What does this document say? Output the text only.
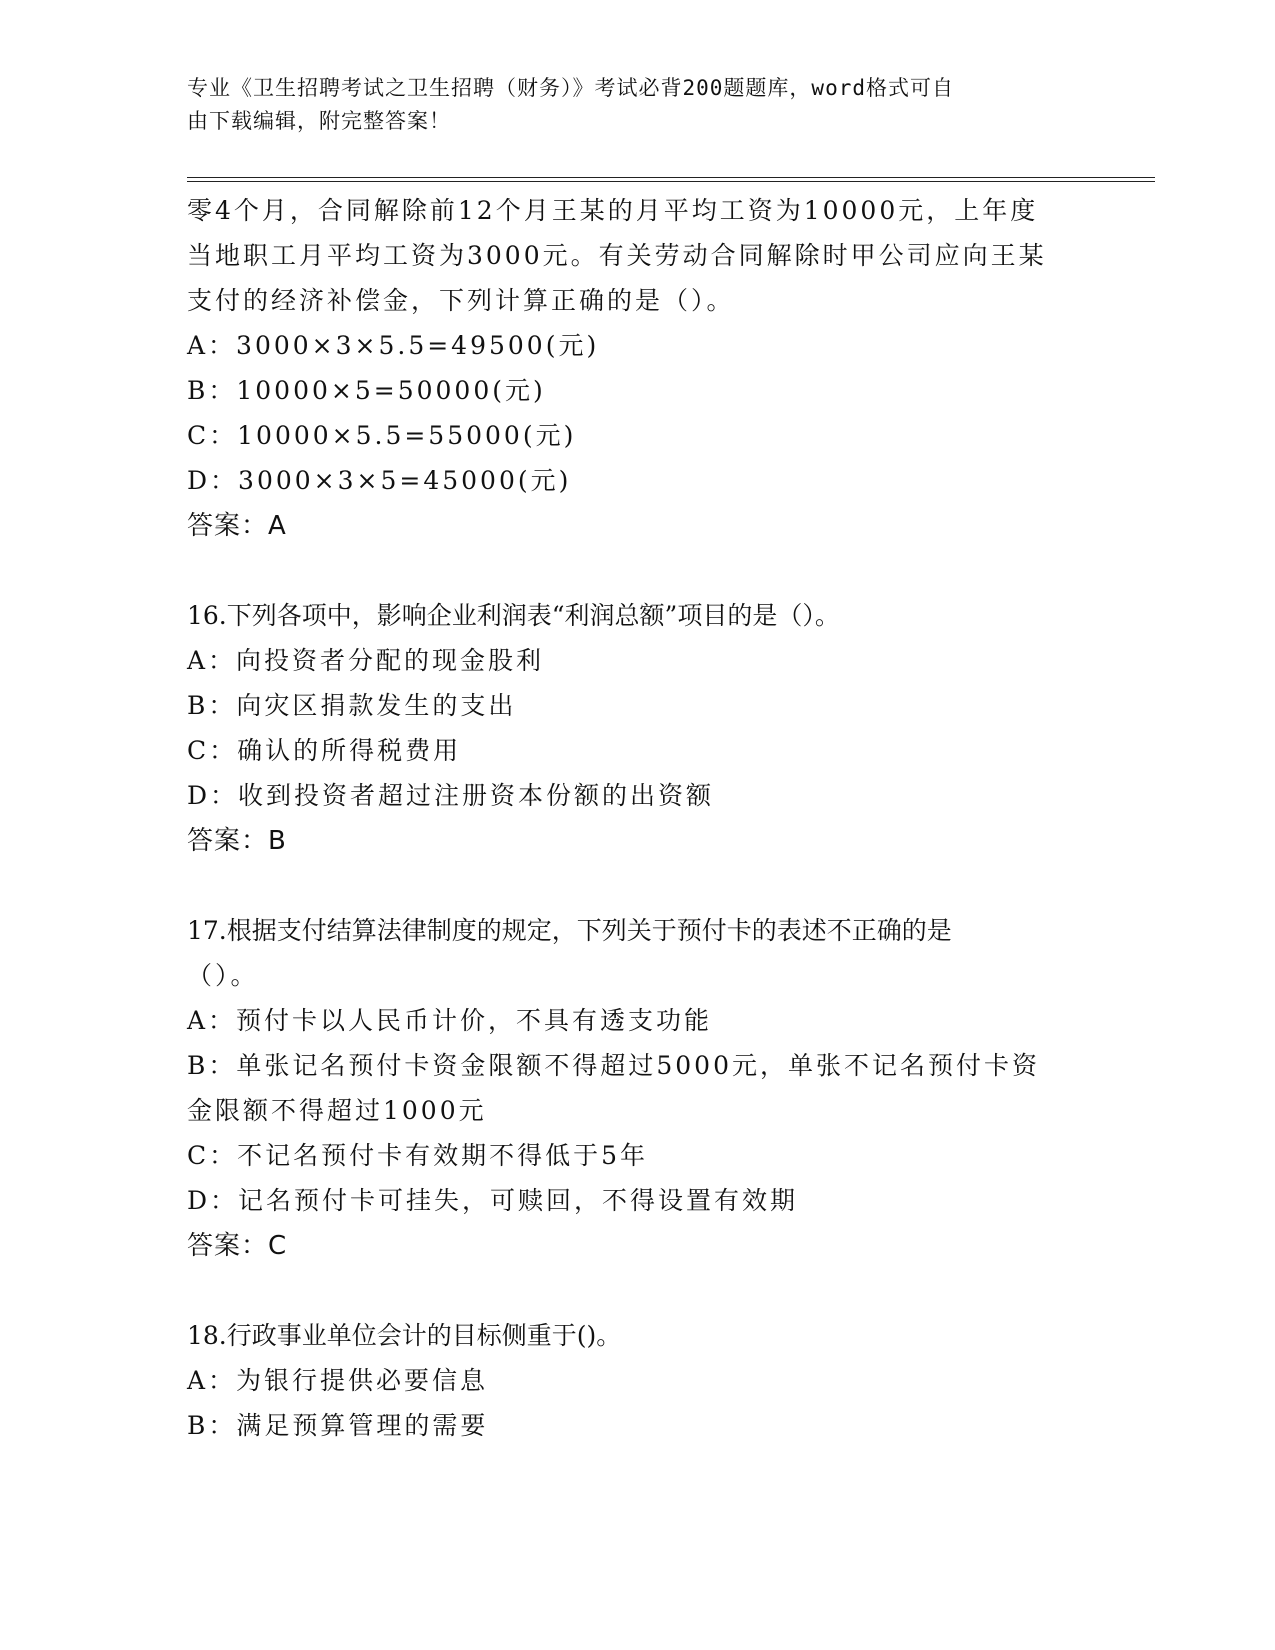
专业《卫生招聘考试之卫生招聘（财务）》考试必背200题题库，word格式可自
由下载编辑，附完整答案！
零4个月，合同解除前12个月王某的月平均工资为10000元，上年度
当地职工月平均工资为3000元。有关劳动合同解除时甲公司应向王某
支付的经济补偿金，下列计算正确的是（）。
A：3000×3×5.5=49500(元)
B：10000×5=50000(元)
C：10000×5.5=55000(元)
D：3000×3×5=45000(元)
答案：A
16.下列各项中，影响企业利润表“利润总额”项目的是（）。
A：向投资者分配的现金股利
B：向灾区捐款发生的支出
C：确认的所得税费用
D：收到投资者超过注册资本份额的出资额
答案：B
17.根据支付结算法律制度的规定，下列关于预付卡的表述不正确的是
（）。
A：预付卡以人民币计价，不具有透支功能
B：单张记名预付卡资金限额不得超过5000元，单张不记名预付卡资
金限额不得超过1000元
C：不记名预付卡有效期不得低于5年
D：记名预付卡可挂失，可赎回，不得设置有效期
答案：C
18.行政事业单位会计的目标侧重于()。
A：为银行提供必要信息
B：满足预算管理的需要
